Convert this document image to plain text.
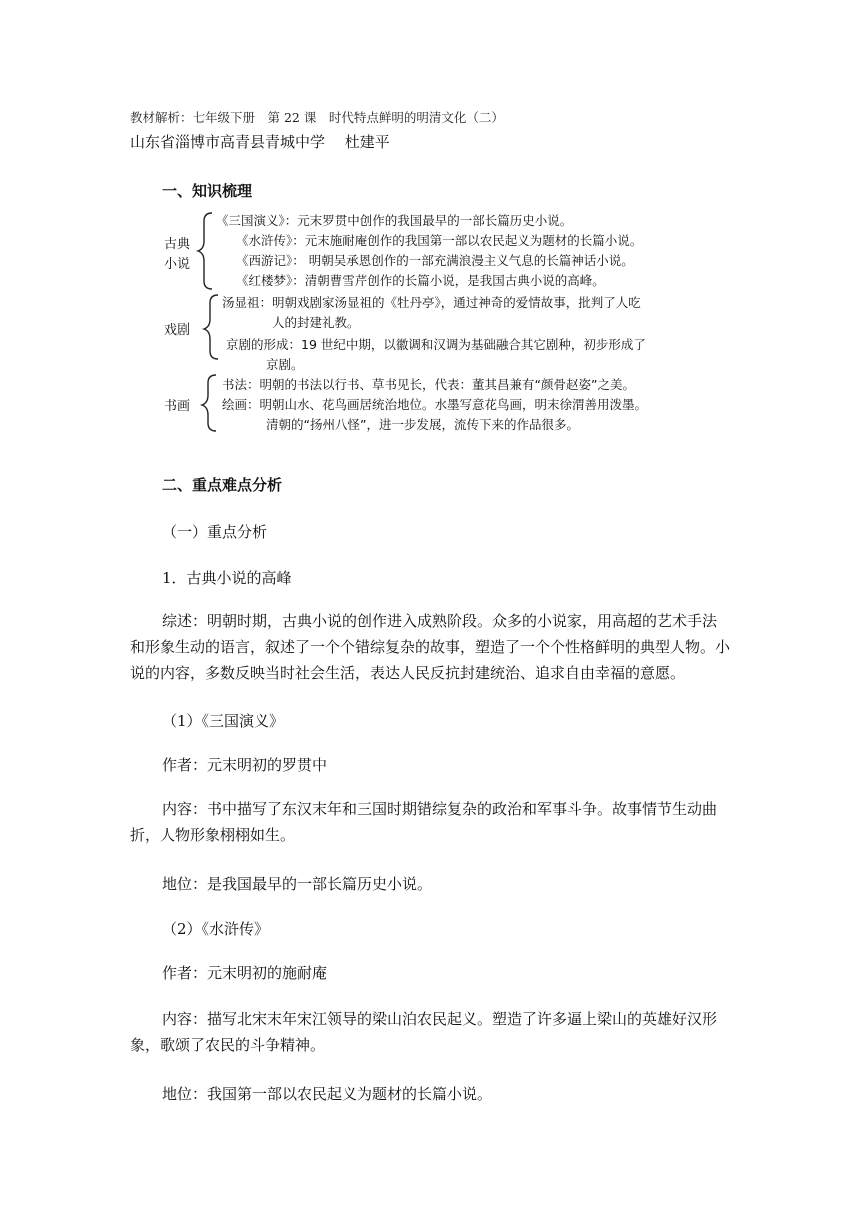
教材解析：七年级下册　第 22 课　时代特点鲜明的明清文化（二）
山东省淄博市高青县青城中学　 杜建平
一、知识梳理
古典
小说
《三国演义》：元末罗贯中创作的我国最早的一部长篇历史小说。
《水浒传》：元末施耐庵创作的我国第一部以农民起义为题材的长篇小说。
《西游记》： 明朝吴承恩创作的一部充满浪漫主义气息的长篇神话小说。
《红楼梦》：清朝曹雪芹创作的长篇小说，是我国古典小说的高峰。
戏剧
汤显祖：明朝戏剧家汤显祖的《牡丹亭》，通过神奇的爱情故事，批判了人吃
人的封建礼教。
京剧的形成：19 世纪中期，以徽调和汉调为基础融合其它剧种，初步形成了
京剧。
书画
书法：明朝的书法以行书、草书见长，代表：董其昌兼有“颜骨赵姿”之美。
绘画：明朝山水、花鸟画居统治地位。水墨写意花鸟画，明末徐渭善用泼墨。
清朝的“扬州八怪”，进一步发展，流传下来的作品很多。
二、重点难点分析
（一）重点分析
1．古典小说的高峰
综述：明朝时期，古典小说的创作进入成熟阶段。众多的小说家，用高超的艺术手法和形象生动的语言，叙述了一个个错综复杂的故事，塑造了一个个性格鲜明的典型人物。小说的内容，多数反映当时社会生活，表达人民反抗封建统治、追求自由幸福的意愿。
（1）《三国演义》
作者：元末明初的罗贯中
内容：书中描写了东汉末年和三国时期错综复杂的政治和军事斗争。故事情节生动曲折，人物形象栩栩如生。
地位：是我国最早的一部长篇历史小说。
（2）《水浒传》
作者：元末明初的施耐庵
内容：描写北宋末年宋江领导的梁山泊农民起义。塑造了许多逼上梁山的英雄好汉形象，歌颂了农民的斗争精神。
地位：我国第一部以农民起义为题材的长篇小说。
